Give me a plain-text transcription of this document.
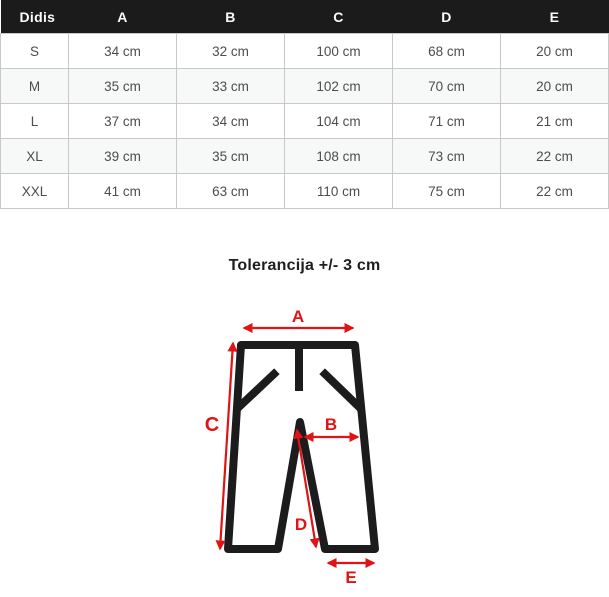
Didis	A	B	C	D	E
S	34 cm	32 cm	100 cm	68 cm	20 cm
M	35 cm	33 cm	102 cm	70 cm	20 cm
L	37 cm	34 cm	104 cm	71 cm	21 cm
XL	39 cm	35 cm	108 cm	73 cm	22 cm
XXL	41 cm	63 cm	110 cm	75 cm	22 cm
Tolerancija +/- 3 cm
A
C	B
D
E
